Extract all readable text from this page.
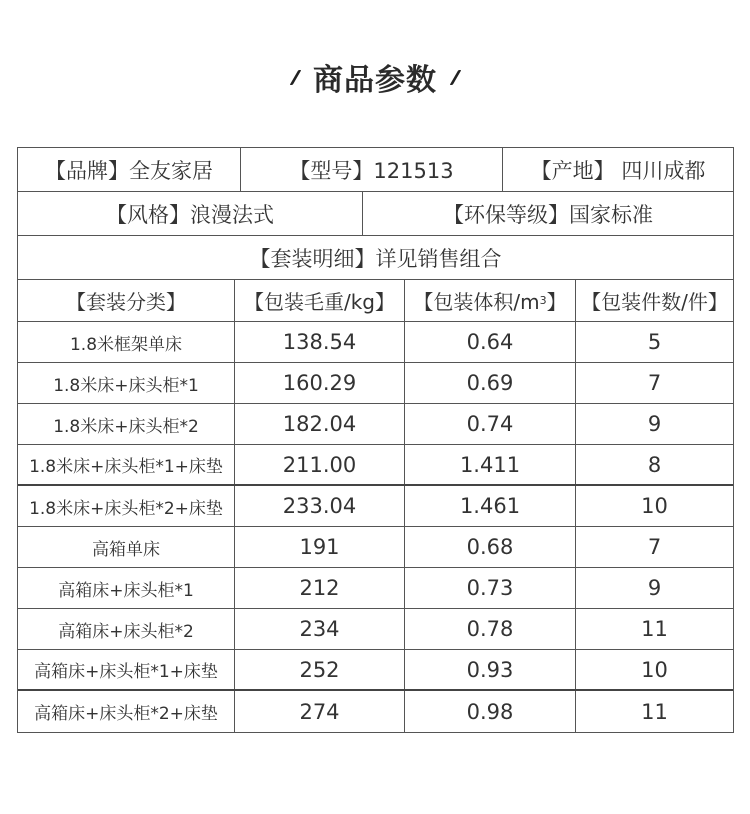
商品参数
【品牌】全友家居	【型号】121513	【产地】 四川成都
【风格】浪漫法式	【环保等级】国家标准
【套装明细】详见销售组合
【套装分类】	【包装毛重/kg】 【包装体积/m 3 】 【包装件数/件】
1.8米框架单床	138.54	0.64	5
1.8米床+床头柜*1	160.29	0.69	7
1.8米床+床头柜*2	182.04	0.74	9
1.8米床+床头柜*1+床垫	211.00	1.411	8
1.8米床+床头柜*2+床垫	233.04	1.461	10
高箱单床	191	0.68	7
高箱床+床头柜*1	212	0.73	9
高箱床+床头柜*2	234	0.78	11
高箱床+床头柜*1+床垫	252	0.93	10
高箱床+床头柜*2+床垫	274	0.98	11
